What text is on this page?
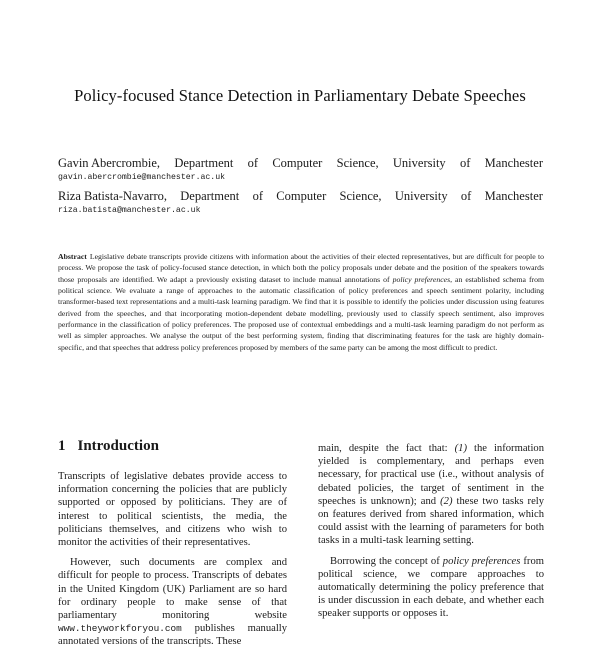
Policy-focused Stance Detection in Parliamentary Debate Speeches
Gavin Abercrombie, Department of Computer Science, University of Manchester
gavin.abercrombie@manchester.ac.uk
Riza Batista-Navarro, Department of Computer Science, University of Manchester
riza.batista@manchester.ac.uk
Abstract Legislative debate transcripts provide citizens with information about the activities of their elected representatives, but are difficult for people to process. We propose the task of policy-focused stance detection, in which both the policy proposals under debate and the position of the speakers towards those proposals are identified. We adapt a previously existing dataset to include manual annotations of policy preferences, an established schema from political science. We evaluate a range of approaches to the automatic classification of policy preferences and speech sentiment polarity, including transformer-based text representations and a multi-task learning paradigm. We find that it is possible to identify the policies under discussion using features derived from the speeches, and that incorporating motion-dependent debate modelling, previously used to classify speech sentiment, also improves performance in the classification of policy preferences. The proposed use of contextual embeddings and a multi-task learning paradigm do not perform as well as simpler approaches. We analyse the output of the best performing system, finding that discriminating features for the task are highly domain-specific, and that speeches that address policy preferences proposed by members of the same party can be among the most difficult to predict.
1 Introduction

Transcripts of legislative debates provide access to information concerning the policies that are publicly supported or opposed by politicians. They are of interest to political scientists, the media, the politicians themselves, and citizens who wish to monitor the activities of their representatives.

However, such documents are complex and difficult for people to process. Transcripts of debates in the United Kingdom (UK) Parliament are so hard for ordinary people to make sense of that parliamentary monitoring website www.theyworkforyou.com publishes manually annotated versions of the transcripts. These

main, despite the fact that: (1) the information yielded is complementary, and perhaps even necessary, for practical use (i.e., without analysis of debated policies, the target of sentiment in the speeches is unknown); and (2) these two tasks rely on features derived from shared information, which could assist with the learning of parameters for both tasks in a multi-task learning setting.

Borrowing the concept of policy preferences from political science, we compare approaches to automatically determining the policy preference that is under discussion in each debate, and whether each speaker supports or opposes it.
